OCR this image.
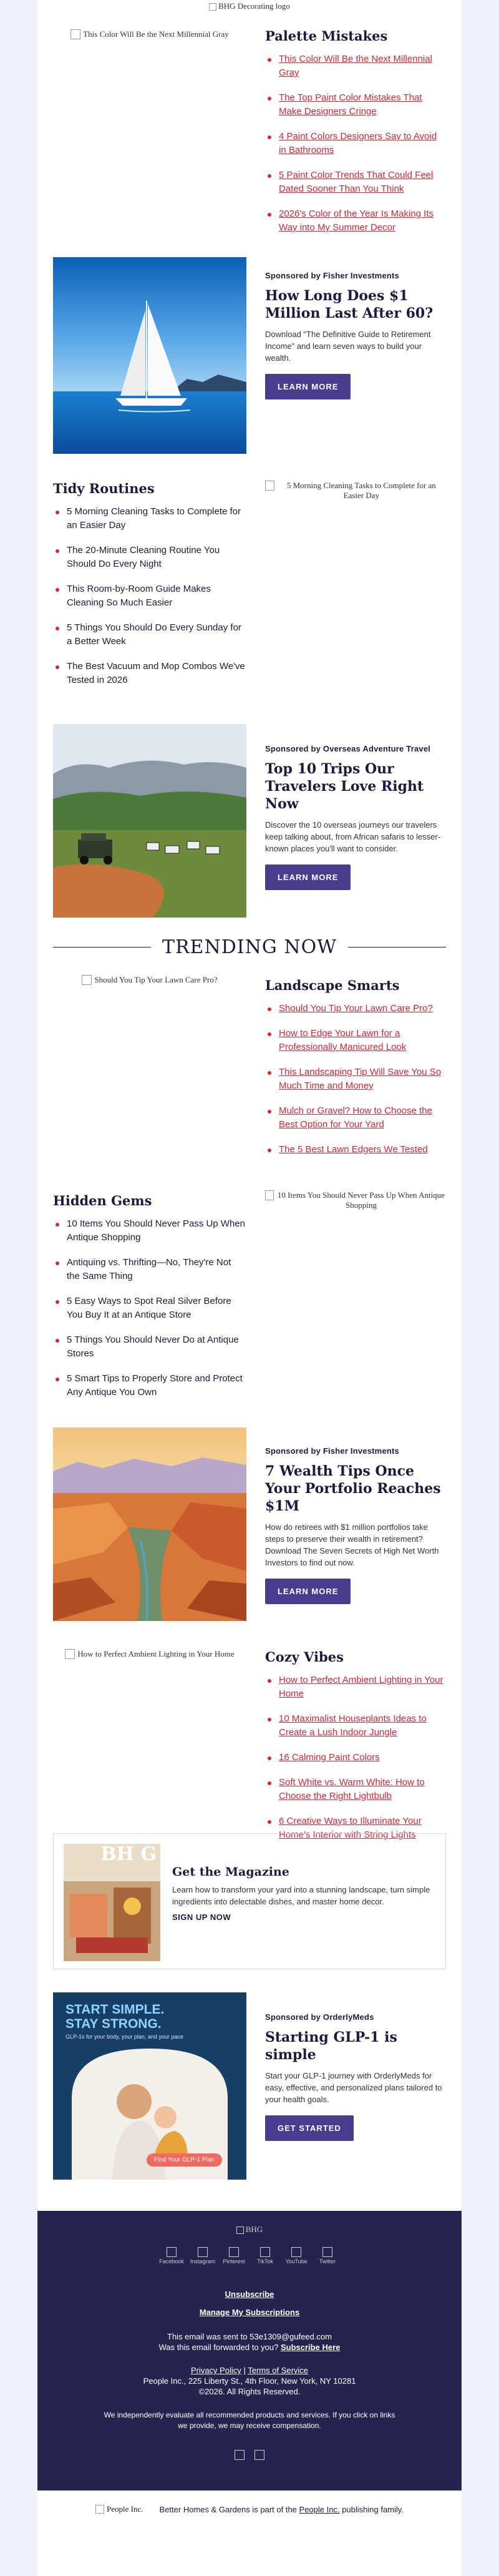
BHG Decorating logo
This Color Will Be the Next Millennial Gray	Palette Mistakes
This Color Will Be the Next Millennial Gray
The Top Paint Color Mistakes That Make Designers Cringe
4 Paint Colors Designers Say to Avoid in Bathrooms
5 Paint Color Trends That Could Feel Dated Sooner Than You Think
2026's Color of the Year Is Making Its Way into My Summer Decor
Sponsored by Fisher Investments
How Long Does $1 Million Last After 60?

Download "The Definitive Guide to Retirement Income" and learn seven ways to build your wealth.

LEARN MORE
Tidy Routines
5 Morning Cleaning Tasks to Complete for an Easier Day
The 20-Minute Cleaning Routine You Should Do Every Night
This Room-by-Room Guide Makes Cleaning So Much Easier
5 Things You Should Do Every Sunday for a Better Week
The Best Vacuum and Mop Combos We've Tested in 2026
5 Morning Cleaning Tasks to Complete for an Easier Day
Sponsored by Overseas Adventure Travel
Top 10 Trips Our Travelers Love Right Now

Discover the 10 overseas journeys our travelers keep talking about, from African safaris to lesser-known places you'll want to consider.

LEARN MORE
TRENDING NOW
Should You Tip Your Lawn Care Pro?	Landscape Smarts
Should You Tip Your Lawn Care Pro?
How to Edge Your Lawn for a Professionally Manicured Look
This Landscaping Tip Will Save You So Much Time and Money
Mulch or Gravel? How to Choose the Best Option for Your Yard
The 5 Best Lawn Edgers We Tested
Hidden Gems
10 Items You Should Never Pass Up When Antique Shopping
Antiquing vs. Thrifting—No, They're Not the Same Thing
5 Easy Ways to Spot Real Silver Before You Buy It at an Antique Store
5 Things You Should Never Do at Antique Stores
5 Smart Tips to Properly Store and Protect Any Antique You Own
10 Items You Should Never Pass Up When Antique Shopping
Sponsored by Fisher Investments
7 Wealth Tips Once Your Portfolio Reaches $1M

How do retirees with $1 million portfolios take steps to preserve their wealth in retirement? Download The Seven Secrets of High Net Worth Investors to find out now.

LEARN MORE
How to Perfect Ambient Lighting in Your Home Cozy Vibes
How to Perfect Ambient Lighting in Your Home
10 Maximalist Houseplants Ideas to Create a Lush Indoor Jungle
16 Calming Paint Colors
Soft White vs. Warm White: How to Choose the Right Lightbulb
6 Creative Ways to Illuminate Your Home's Interior with String Lights
BH G
Get the Magazine
Learn how to transform your yard into a stunning landscape, turn simple ingredients into delectable dishes, and master home decor.
SIGN UP NOW
START SIMPLE. STAY STRONG.
GLP-1s for your body, your plan, and your pace
Find Your GLP-1 Plan
Sponsored by OrderlyMeds
Starting GLP-1 is simple

Start your GLP-1 journey with OrderlyMeds for easy, effective, and personalized plans tailored to your health goals.

GET STARTED
BHG
Facebook Instagram Pinterest TikTok YouTube Twitter
Unsubscribe
Manage My Subscriptions
This email was sent to 53e1309@gufeed.com
Was this email forwarded to you? Subscribe Here
Privacy Policy | Terms of Service
People Inc., 225 Liberty St., 4th Floor, New York, NY 10281
©2026. All Rights Reserved.
We independently evaluate all recommended products and services. If you click on links we provide, we may receive compensation.
People Inc. Better Homes & Gardens is part of the People Inc. publishing family.
